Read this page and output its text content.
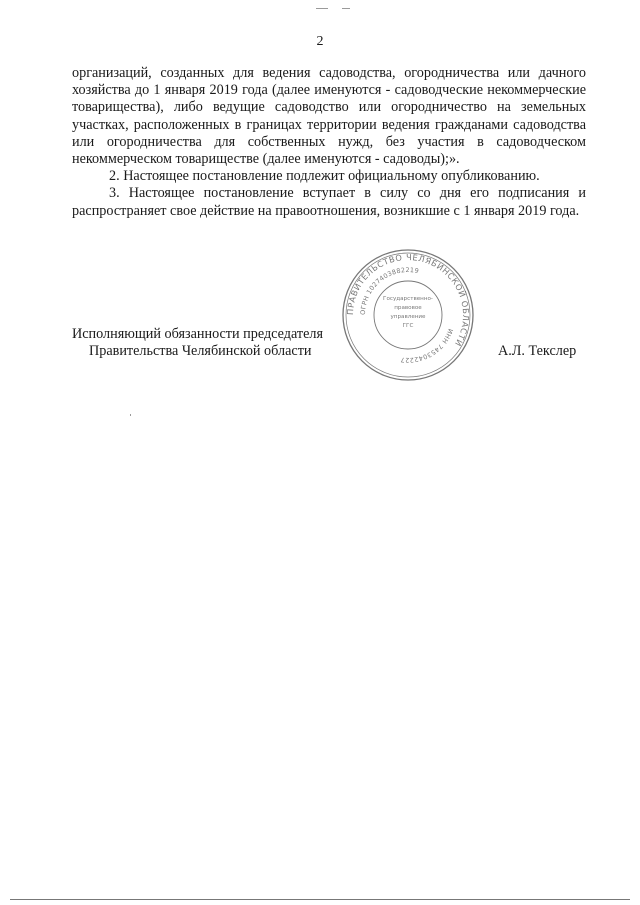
2

организаций, созданных для ведения садоводства, огородничества или дачного хозяйства до 1 января 2019 года (далее именуются - садоводческие некоммерческие товарищества), либо ведущие садоводство или огородничество на земельных участках, расположенных в границах территории ведения гражданами садоводства или огородничества для собственных нужд, без участия в садоводческом некоммерческом товариществе (далее именуются - садоводы);».

2. Настоящее постановление подлежит официальному опубликованию.

3. Настоящее постановление вступает в силу со дня его подписания и распространяет свое действие на правоотношения, возникшие с 1 января 2019 года.

ПРАВИТЕЛЬСТВО ЧЕЛЯБИНСКОЙ ОБЛАСТИ
ОГРН 1027403882219
ИНН 7453042227
Государственно-
правовое
управление
ГГС
Исполняющий обязанности председателя
Правительства Челябинской области	А.Л. Текслер
